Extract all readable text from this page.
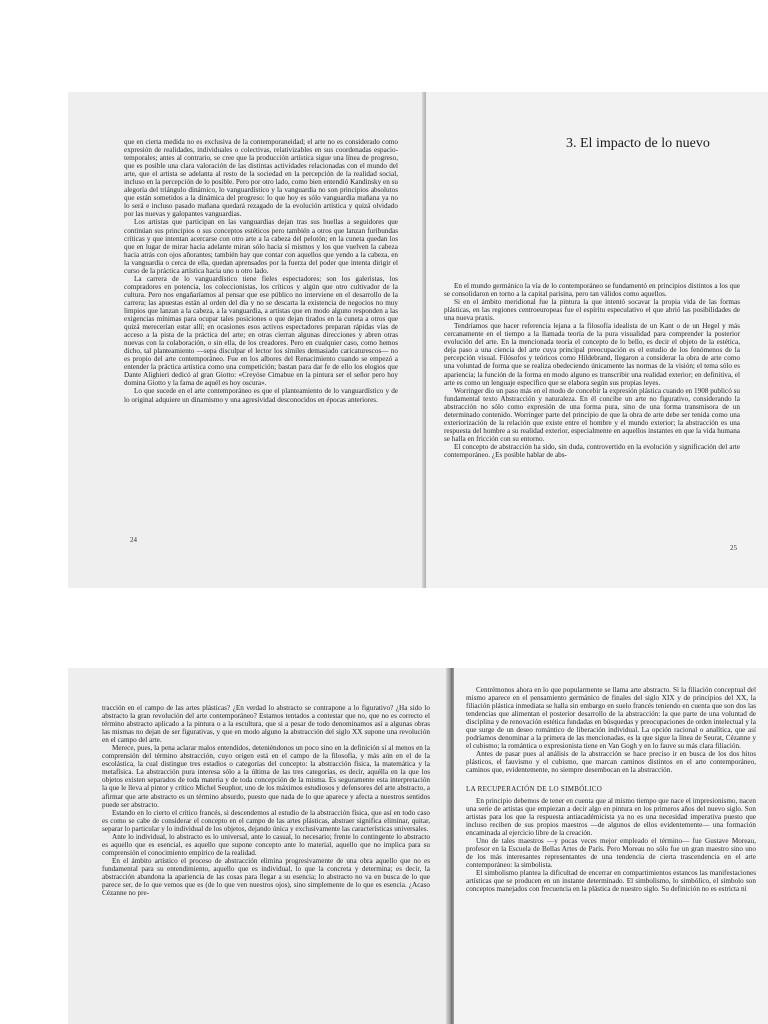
que en cierta medida no es exclusiva de la contemporaneidad; el arte no es considerado como expresión de realidades, individuales o colectivas, relativizables en sus coordenadas espacio-temporales; antes al contrario, se cree que la producción artística sigue una línea de progreso, que es posible una clara valoración de las distintas actividades relacionadas con el mundo del arte, que el artista se adelanta al resto de la sociedad en la percepción de la realidad social, incluso en la percepción de lo posible. Pero por otro lado, como bien entendió Kandinsky en su alegoría del triángulo dinámico, lo vanguardístico y la vanguardia no son principios absolutos que están sometidos a la dinámica del progreso: lo que hoy es sólo vanguardia mañana ya no lo será e incluso pasado mañana quedará rezagado de la evolución artística y quizá olvidado por las nuevas y galopantes vanguardias.

Los artistas que participan en las vanguardias dejan tras sus huellas a seguidores que continúan sus principios o sus conceptos estéticos pero también a otros que lanzan furibundas críticas y que intentan acercarse con otro arte a la cabeza del pelotón; en la cuneta quedan los que en lugar de mirar hacia adelante miran sólo hacia sí mismos y los que vuelven la cabeza hacia atrás con ojos añorantes; también hay que contar con aquellos que yendo a la cabeza, en la vanguardia o cerca de ella, quedan aprensados por la fuerza del poder que intenta dirigir el curso de la práctica artística hacia uno u otro lado.

La carrera de lo vanguardístico tiene fieles espectadores; son los galeristas, los compradores en potencia, los coleccionistas, los críticos y algún que otro cultivador de la cultura. Pero nos engañaríamos al pensar que ese público no interviene en el desarrollo de la carrera; las apuestas están al orden del día y no se descarta la existencia de negocios no muy limpios que lanzan a la cabeza, a la vanguardia, a artistas que en modo alguno responden a las exigencias mínimas para ocupar tales posiciones o que dejan tirados en la cuneta a otros que quizá merecerían estar allí; en ocasiones esos activos espectadores preparan rápidas vías de acceso a la pista de la práctica del arte; en otras cierran algunas direcciones y abren otras nuevas con la colaboración, o sin ella, de los creadores. Pero en cualquier caso, como hemos dicho, tal planteamiento —sepa disculpar el lector los símiles demasiado caricaturescos— no es propio del arte contemporáneo. Fue en los albores del Renacimiento cuando se empezó a entender la práctica artística como una competición; bastan para dar fe de ello los elogios que Dante Alighieri dedicó al gran Giotto: «Creyóse Cimabue en la pintura ser el señor pero hoy domina Giotto y la fama de aquél es hoy oscura».

Lo que sucede en el arte contemporáneo es que el planteamiento de lo vanguardístico y de lo original adquiere un dinamismo y una agresividad desconocidos en épocas anteriores.

24
3. El impacto de lo nuevo

En el mundo germánico la vía de lo contemporáneo se fundamentó en principios distintos a los que se consolidaron en torno a la capital parisina, pero tan válidos como aquellos.

Si en el ámbito meridional fue la pintura la que intentó socavar la propia vida de las formas plásticas, en las regiones centroeuropeas fue el espíritu especulativo el que abrió las posibilidades de una nueva praxis.

Tendríamos que hacer referencia lejana a la filosofía idealista de un Kant o de un Hegel y más cercanamente en el tiempo a la llamada teoría de la pura visualidad para comprender la posterior evolución del arte. En la mencionada teoría el concepto de lo bello, es decir el objeto de la estética, deja paso a una ciencia del arte cuya principal preocupación es el estudio de los fenómenos de la percepción visual. Filósofos y teóricos como Hildebrand, llegaron a considerar la obra de arte como una voluntad de forma que se realiza obedeciendo únicamente las normas de la visión; el tema sólo es apariencia; la función de la forma en modo alguno es transcribir una realidad exterior; en definitiva, el arte es como un lenguaje específico que se elabora según sus propias leyes.

Worringer dio un paso más en el modo de concebir la expresión plástica cuando en 1908 publicó su fundamental texto Abstracción y naturaleza. En él concibe un arte no figurativo, considerando la abstracción no sólo como expresión de una forma pura, sino de una forma transmisora de un determinado contenido. Worringer parte del principio de que la obra de arte debe ser tenida como una exteriorización de la relación que existe entre el hombre y el mundo exterior; la abstracción es una respuesta del hombre a su realidad exterior, especialmente en aquellos instantes en que la vida humana se halla en fricción con su entorno.

El concepto de abstracción ha sido, sin duda, controvertido en la evolución y significación del arte contemporáneo. ¿Es posible hablar de abs-

25

tracción en el campo de las artes plásticas? ¿En verdad lo abstracto se contrapone a lo figurativo? ¿Ha sido lo abstracto la gran revolución del arte contemporáneo? Estamos tentados a contestar que no, que no es correcto el término abstracto aplicado a la pintura o a la escultura, que si a pesar de todo denominamos así a algunas obras las mismas no dejan de ser figurativas, y que en modo alguno la abstracción del siglo XX supone una revolución en el campo del arte.

Merece, pues, la pena aclarar malos entendidos, deteniéndonos un poco sino en la definición sí al menos en la comprensión del término abstracción, cuyo origen está en el campo de la filosofía, y más aún en el de la escolástica, la cual distingue tres estadios o categorías del concepto: la abstracción física, la matemática y la metafísica. La abstracción pura interesa sólo a la última de las tres categorías, es decir, aquélla en la que los objetos existen separados de toda materia y de toda concepción de la misma. Es seguramente esta interpretación la que le lleva al pintor y crítico Michel Seuphor, uno de los máximos estudiosos y defensores del arte abstracto, a afirmar que arte abstracto es un término absurdo, puesto que nada de lo que aparece y afecta a nuestros sentidos puede ser abstracto.

Estando en lo cierto el crítico francés, si descendemos al estudio de la abstracción física, que así en todo caso es como se cabe de considerar el concepto en el campo de las artes plásticas, abstraer significa eliminar, quitar, separar lo particular y lo individual de los objetos, dejando única y exclusivamente las características universales.

Ante lo individual, lo abstracto es lo universal, ante lo casual, lo necesario; frente lo contingente lo abstracto es aquello que es esencial, es aquello que supone concepto ante lo material, aquello que no implica para su comprensión el conocimiento empírico de la realidad.

En el ámbito artístico el proceso de abstracción elimina progresivamente de una obra aquello que no es fundamental para su entendimiento, aquello que es individual, lo que la concreta y determina; es decir, la abstracción abandona la apariencia de las cosas para llegar a su esencia; lo abstracto no va en busca de lo que parece ser, de lo que vemos que es (de lo que ven nuestros ojos), sino simplemente de lo que es esencia. ¿Acaso Cézanne no pre-

Centrémonos ahora en lo que popularmente se llama arte abstracto. Si la filiación conceptual del mismo aparece en el pensamiento germánico de finales del siglo XIX y de principios del XX, la filiación plástica inmediata se halla sin embargo en suelo francés teniendo en cuenta que son dos las tendencias que alimentan el posterior desarrollo de la abstracción: la que parte de una voluntad de disciplina y de renovación estética fundadas en búsquedas y preocupaciones de orden intelectual y la que surge de un deseo romántico de liberación individual. La opción racional o analítica, que así podríamos denominar a la primera de las mencionadas, es la que sigue la línea de Seurat, Cézanne y el cubismo; la romántica o expresionista tiene en Van Gogh y en lo fauve su más clara filiación.

Antes de pasar pues al análisis de la abstracción se hace preciso ir en busca de los dos hitos plásticos, el fauvismo y el cubismo, que marcan caminos distintos en el arte contemporáneo, caminos que, evidentemente, no siempre desembocan en la abstracción.

LA RECUPERACIÓN DE LO SIMBÓLICO

En principio debemos de tener en cuenta que al mismo tiempo que nace el impresionismo, nacen una serie de artistas que empiezan a decir algo en pintura en los primeros años del nuevo siglo. Son artistas para los que la respuesta antiacadémicista ya no es una necesidad imperativa puesto que incluso reciben de sus propios maestros —de algunos de ellos evidentemente— una formación encaminada al ejercicio libre de la creación.

Uno de tales maestros —y pocas veces mejor empleado el término— fue Gustave Moreau, profesor en la Escuela de Bellas Artes de París. Pero Moreau no sólo fue un gran maestro sino uno de los más interesantes representantes de una tendencia de cierta trascendencia en el arte contemporáneo: la simbolista.

El simbolismo plantea la dificultad de encerrar en compartimientos estancos las manifestaciones artísticas que se producen en un instante determinado. El simbolismo, lo simbólico, el símbolo son conceptos manejados con frecuencia en la plástica de nuestro siglo. Su definición no es estricta ni
